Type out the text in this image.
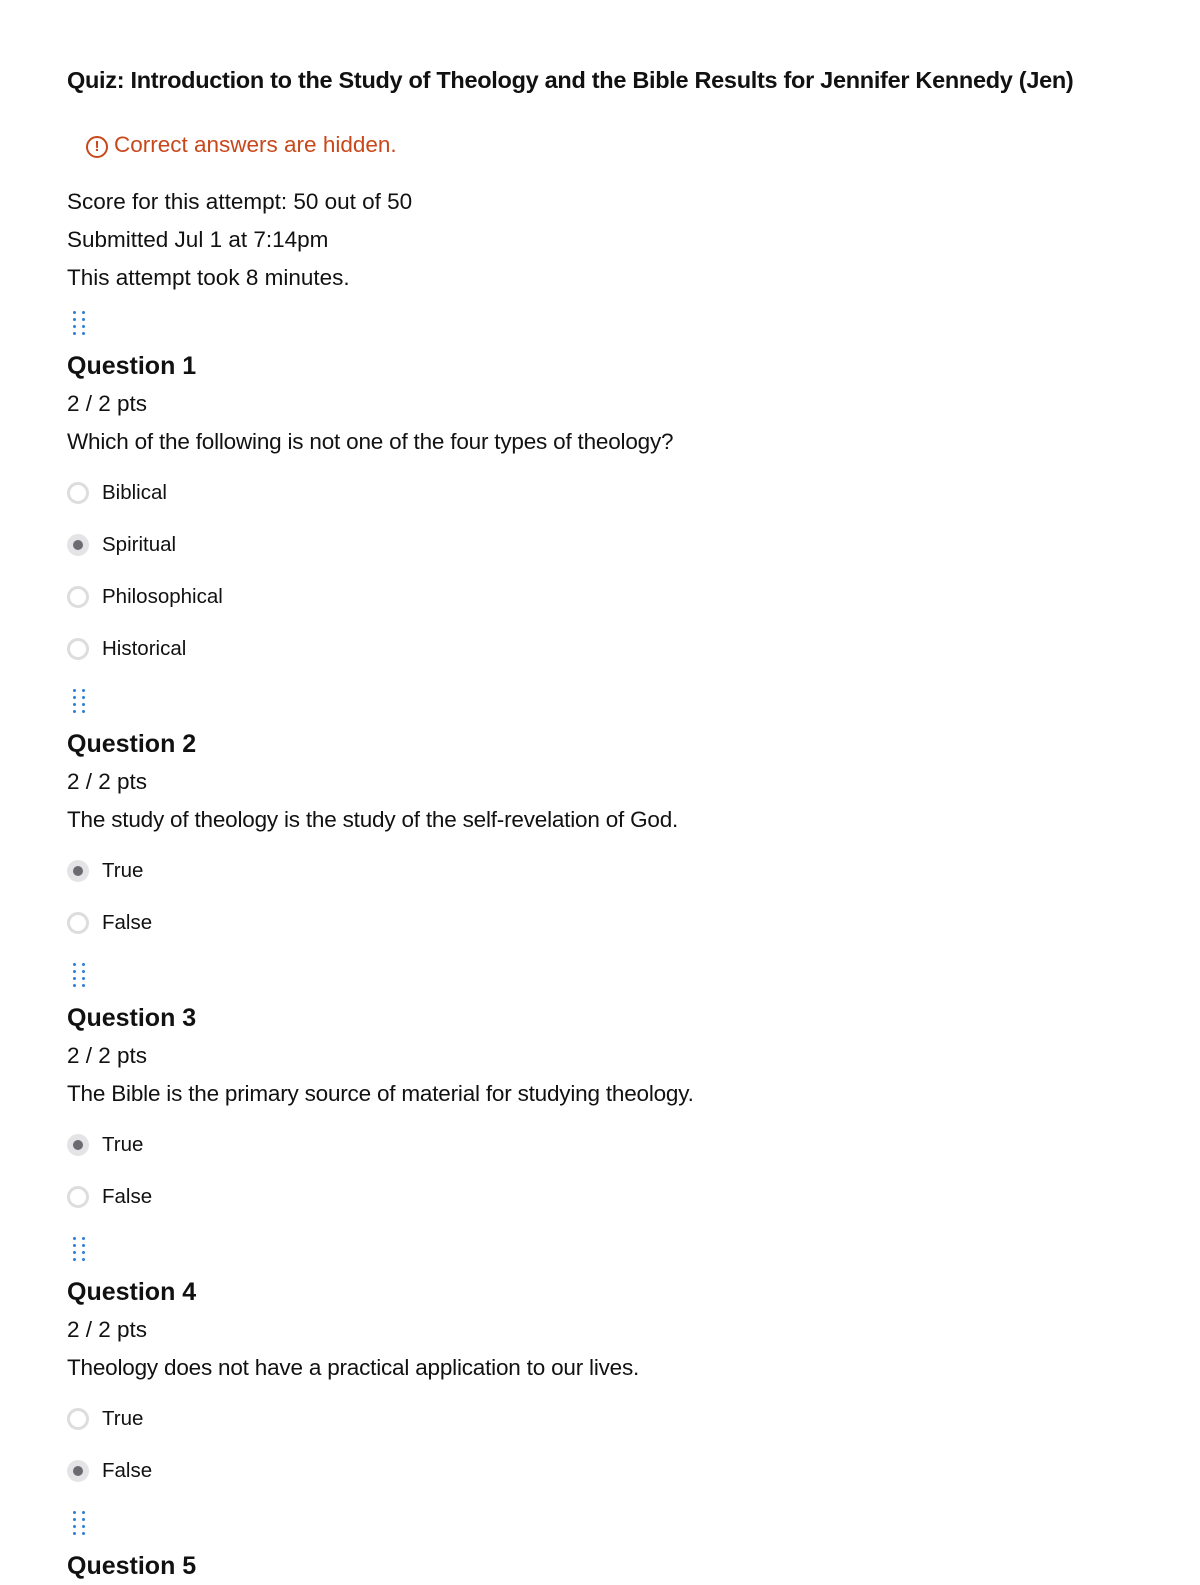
Quiz: Introduction to the Study of Theology and the Bible Results for Jennifer Kennedy (Jen)
! Correct answers are hidden.
Score for this attempt: 50 out of 50
Submitted Jul 1 at 7:14pm
This attempt took 8 minutes.
Question 1
2 / 2 pts
Which of the following is not one of the four types of theology?
Biblical
Spiritual
Philosophical
Historical
Question 2
2 / 2 pts
The study of theology is the study of the self-revelation of God.
True
False
Question 3
2 / 2 pts
The Bible is the primary source of material for studying theology.
True
False
Question 4
2 / 2 pts
Theology does not have a practical application to our lives.
True
False
Question 5
